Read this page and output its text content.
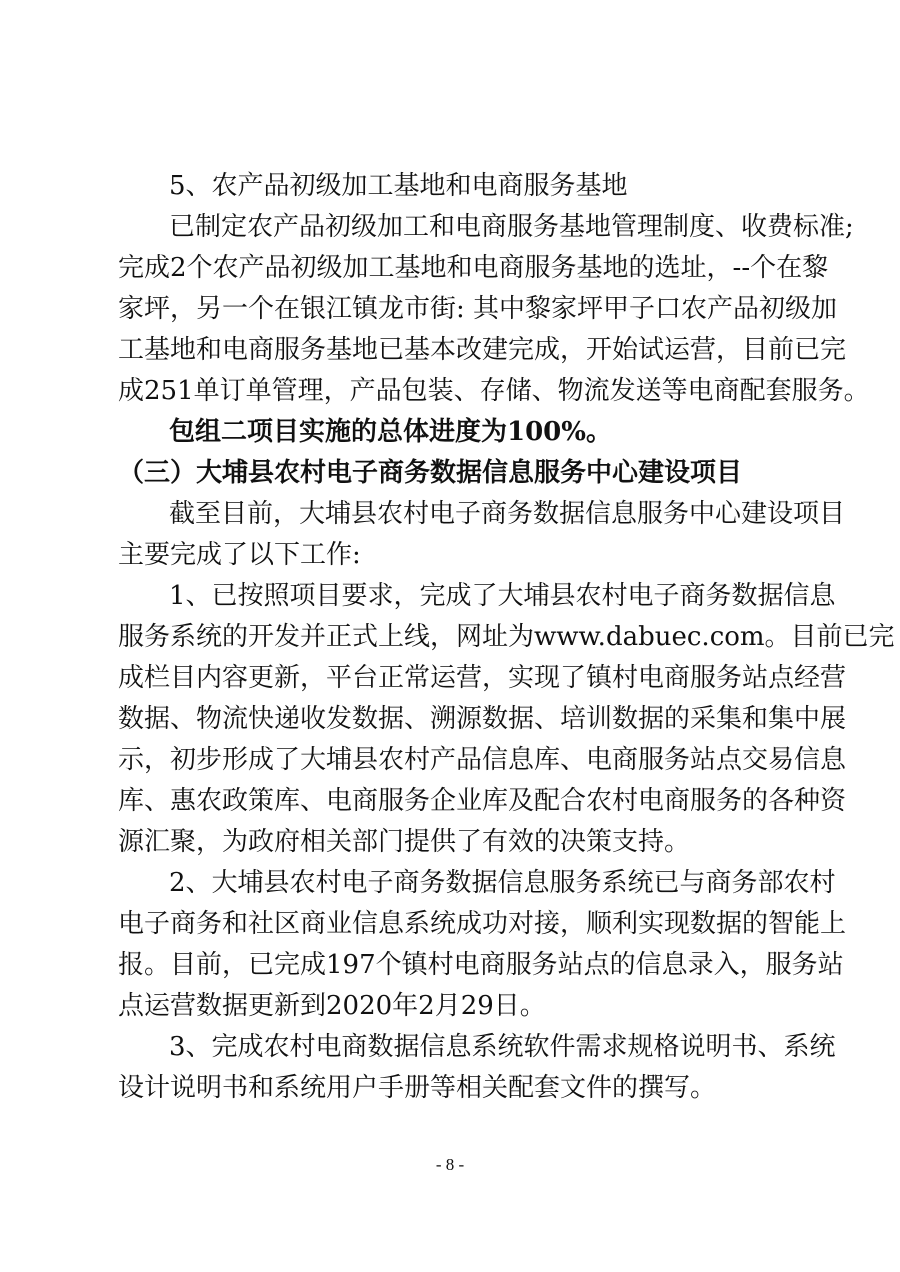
5、农产品初级加工基地和电商服务基地
已制定农产品初级加工和电商服务基地管理制度、收费标准;
完成2个农产品初级加工基地和电商服务基地的选址，--个在黎
家坪，另一个在银江镇龙市街: 其中黎家坪甲子口农产品初级加
工基地和电商服务基地已基本改建完成，开始试运营，目前已完
成251单订单管理，产品包装、存储、物流发送等电商配套服务。
包组二项目实施的总体进度为100%。
（三）大埔县农村电子商务数据信息服务中心建设项目
截至目前，大埔县农村电子商务数据信息服务中心建设项目
主要完成了以下工作:
1、已按照项目要求，完成了大埔县农村电子商务数据信息
服务系统的开发并正式上线，网址为www.dabuec.com。目前已完
成栏目内容更新，平台正常运营，实现了镇村电商服务站点经营
数据、物流快递收发数据、溯源数据、培训数据的采集和集中展
示，初步形成了大埔县农村产品信息库、电商服务站点交易信息
库、惠农政策库、电商服务企业库及配合农村电商服务的各种资
源汇聚，为政府相关部门提供了有效的决策支持。
2、大埔县农村电子商务数据信息服务系统已与商务部农村
电子商务和社区商业信息系统成功对接，顺利实现数据的智能上
报。目前，已完成197个镇村电商服务站点的信息录入，服务站
点运营数据更新到2020年2月29日。
3、完成农村电商数据信息系统软件需求规格说明书、系统
设计说明书和系统用户手册等相关配套文件的撰写。
- 8 -
